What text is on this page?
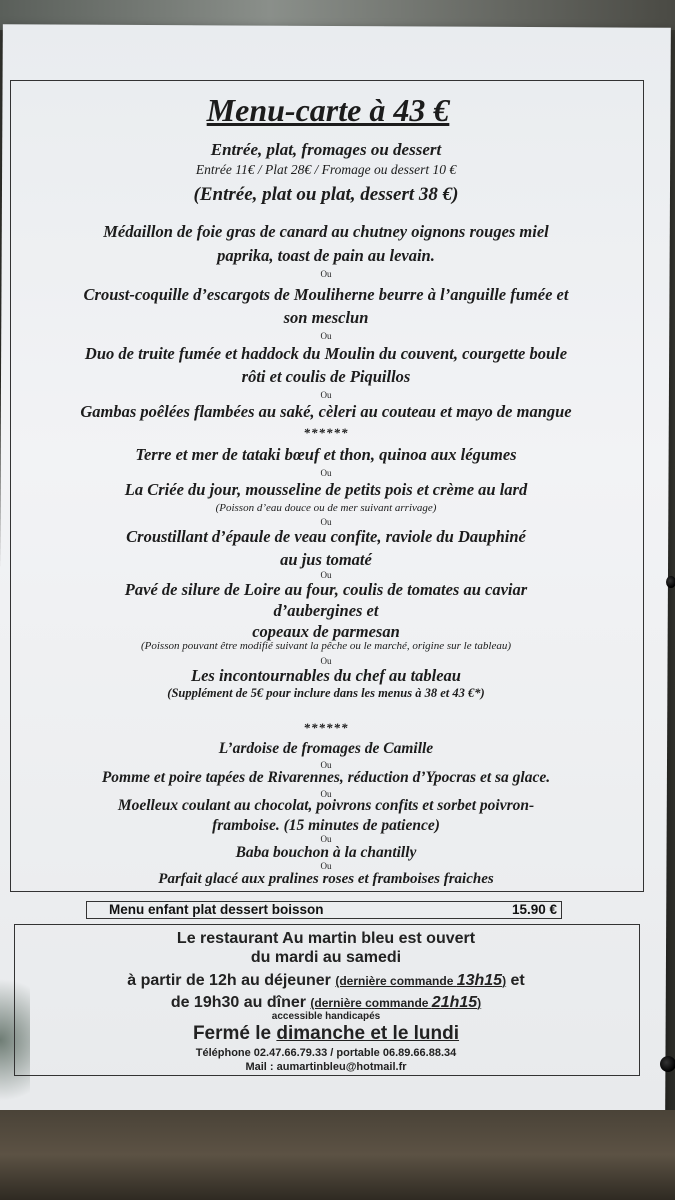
Menu-carte à 43 €
Entrée, plat, fromages ou dessert
Entrée 11€ / Plat 28€ / Fromage ou dessert 10 €
(Entrée, plat ou plat, dessert 38 €)
Médaillon de foie gras de canard au chutney oignons rouges miel
paprika, toast de pain au levain.
Ou
Croust-coquille d’escargots de Mouliherne beurre à l’anguille fumée et
son mesclun
Ou
Duo de truite fumée et haddock du Moulin du couvent, courgette boule
rôti et coulis de Piquillos
Ou
Gambas poêlées flambées au saké, cèleri au couteau et mayo de mangue
******
Terre et mer de tataki bœuf et thon, quinoa aux légumes
Ou
La Criée du jour, mousseline de petits pois et crème au lard
(Poisson d’eau douce ou de mer suivant arrivage)
Ou
Croustillant d’épaule de veau confite, raviole du Dauphiné
au jus tomaté
Ou
Pavé de silure de Loire au four, coulis de tomates au caviar
d’aubergines et
copeaux de parmesan
(Poisson pouvant être modifié suivant la pêche ou le marché, origine sur le tableau)
Ou
Les incontournables du chef au tableau
(Supplément de 5€ pour inclure dans les menus à 38 et 43 €*)
******
L’ardoise de fromages de Camille
Ou
Pomme et poire tapées de Rivarennes, réduction d’Ypocras et sa glace.
Ou
Moelleux coulant au chocolat, poivrons confits et sorbet poivron-
framboise. (15 minutes de patience)
Ou
Baba bouchon à la chantilly
Ou
Parfait glacé aux pralines roses et framboises fraiches
Menu enfant plat dessert boisson	15.90 €
Le restaurant Au martin bleu est ouvert
du mardi au samedi
à partir de 12h au déjeuner (dernière commande 13h15) et
de 19h30 au dîner (dernière commande 21h15)
accessible handicapés
Fermé le dimanche et le lundi
Téléphone 02.47.66.79.33 / portable 06.89.66.88.34
Mail : aumartinbleu@hotmail.fr
